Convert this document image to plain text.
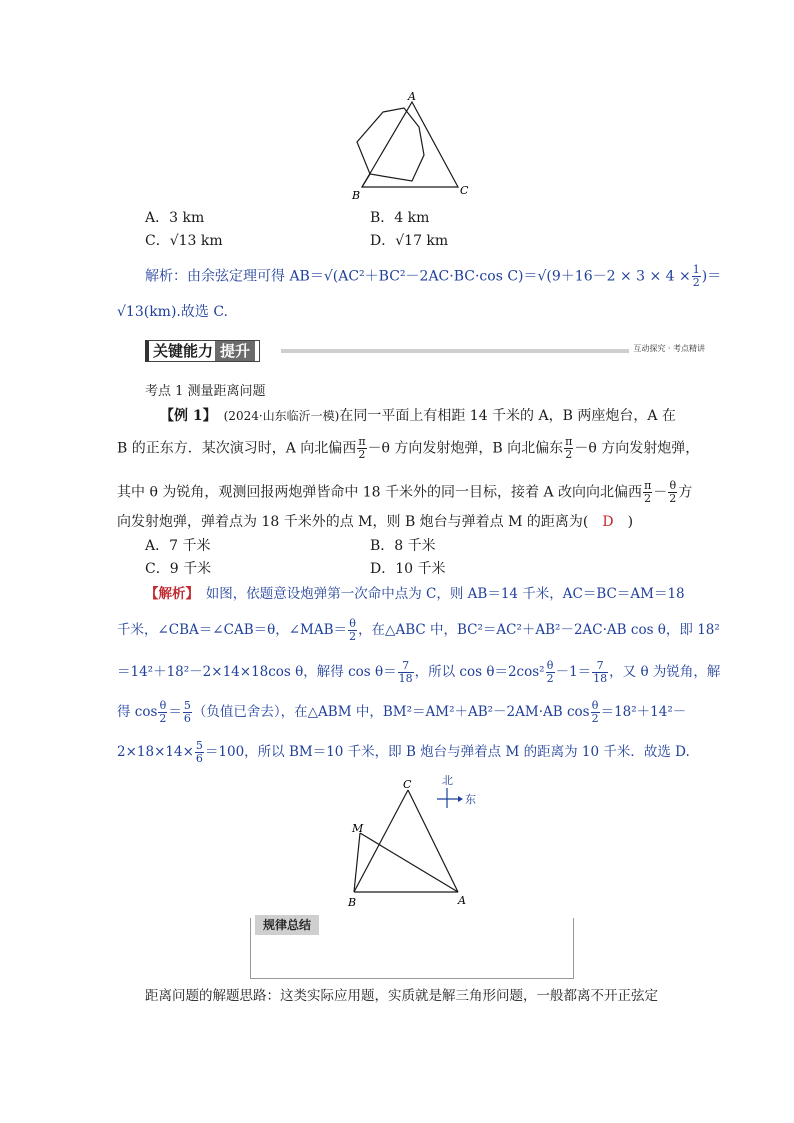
A
B	C
A．3 km	B．4 km
C．√13 km	D．√17 km
解析：由余弦定理可得 AB＝√(AC²＋BC²－2AC·BC·cos $C)=√(9+16-2 \times 3 \times 4 \times \frac{1}{2}$ )＝
√13(km).故选 C.
关键能力 提升	互动探究 · 考点精讲
考点 1 测量距离问题
【例 1】　 (2024·山东临沂一模)在同一平面上有相距 14 千米的 A，B 两座炮台，A 在
B 的正东方．某次演习时，A 向北偏西 $\frac{\pi}{2} -\theta$ 方向发射炮弹，B 向北偏东 $\frac{\pi}{2} -\theta$ 方向发射炮弹，
其中 θ 为锐角，观测回报两炮弹皆命中 18 千米外的同一目标，接着 A 改向向北偏西 $\frac{\pi}{2} - \frac{\theta}{2}$ 方
向发射炮弹，弹着点为 18 千米外的点 M，则 B 炮台与弹着点 M 的距离为(　 D　 )
A．7 千米	B．8 千米
C．9 千米	D．10 千米
【解析】　 如图，依题意设炮弹第一次命中点为 C，则 AB＝14 千米，AC＝BC＝AM＝18
千米，∠CBA＝∠CAB＝θ，∠MAB＝ $\frac{\theta}{2}$ ，在△ABC 中，BC²＝AC²＋AB²－2AC·AB cos θ，即 18²
＝14²＋18²－2×14×18cos θ，解得 $\cos \theta= \frac{7}{18}$ ，所以 $\cos \theta=2\cos^2 \frac{\theta}{2} -1= \frac{7}{18}$ ，又 θ 为锐角，解
得 $\cos \frac{\theta}{2} = \frac{5}{6}$ （负值已舍去），在△ABM 中，BM²＝AM²＋AB²－2AM·AB $\cos \frac{\theta}{2} =18^2+14^2-$
$2\times 18\times 14\times \frac{5}{6} =100$，所以 BM＝10 千米，即 B 炮台与弹着点 M 的距离为 10 千米．故选 D.
C
M
B	A
北
东
规律总结
距离问题的解题思路：这类实际应用题，实质就是解三角形问题，一般都离不开正弦定
